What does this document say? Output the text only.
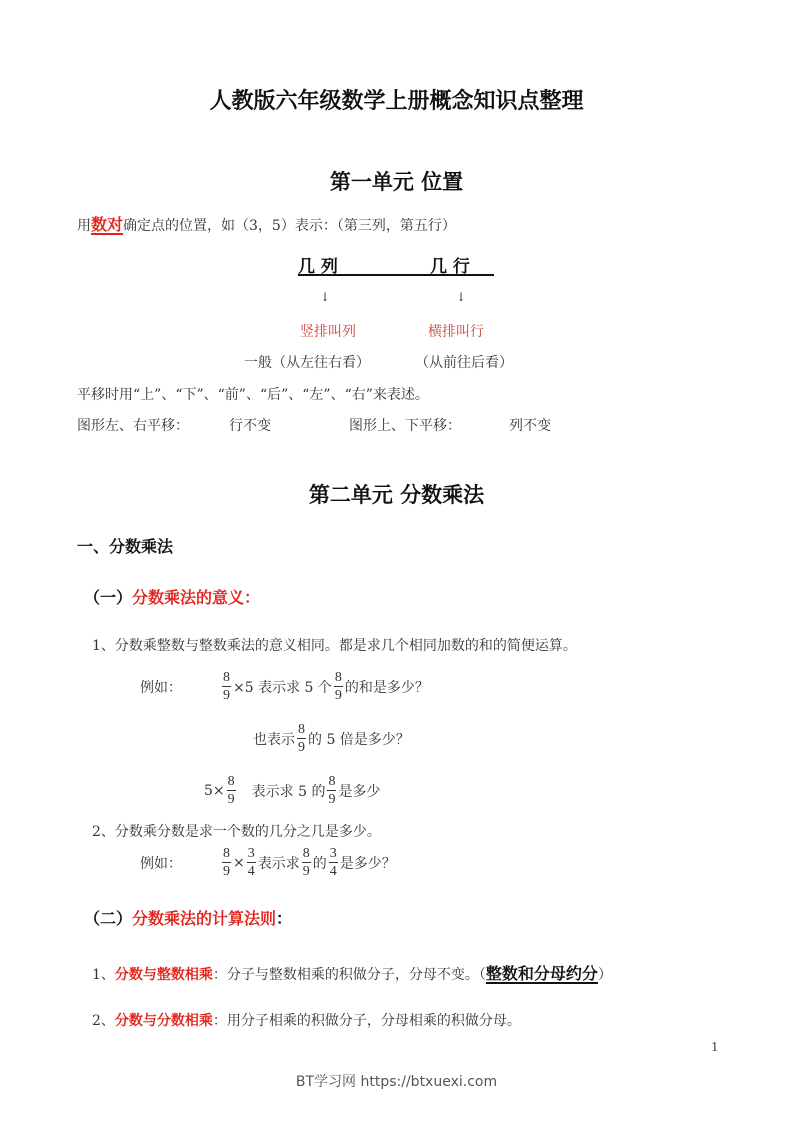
人教版六年级数学上册概念知识点整理
第一单元 位置
用数对确定点的位置，如（3，5）表示：（第三列，第五行）
几 列	几 行
↓	↓
竖排叫列	横排叫行
一般（从左往右看）	（从前往后看）
平移时用“上”、“下”、“前”、“后”、“左”、“右”来表述。
图形左、右平移：	行不变	图形上、下平移：	列不变
第二单元 分数乘法
一、分数乘法
（一）分数乘法的意义：
1、分数乘整数与整数乘法的意义相同。都是求几个相同加数的和的简便运算。
例如：	$\frac{8}{9} \times 5$ 表示求 5 个 $\frac{8}{9}$ 的和是多少？
也表示 $\frac{8}{9}$ 的 5 倍是多少？
$5\times \frac{8}{9}$ 表示求 5 的 $\frac{8}{9}$ 是多少
2、分数乘分数是求一个数的几分之几是多少。
例如：	$\frac{8}{9} \times \frac{3}{4}$ 表示求 $\frac{8}{9}$ 的 $\frac{3}{4}$ 是多少？
（二）分数乘法的计算法则：
1、分数与整数相乘：分子与整数相乘的积做分子，分母不变。（整数和分母约分）
2、分数与分数相乘：用分子相乘的积做分子，分母相乘的积做分母。
1
BT学习网 https://btxuexi.com
